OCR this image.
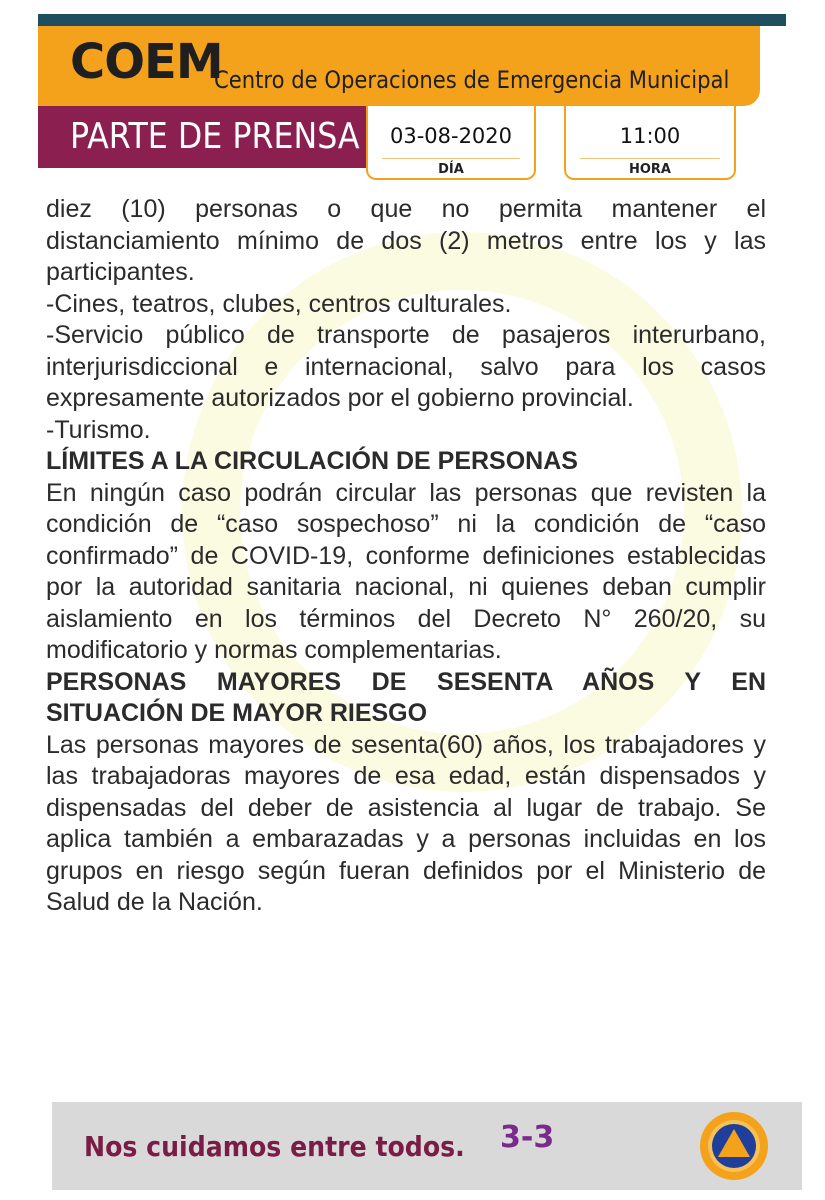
COEM
Centro de Operaciones de Emergencia Municipal
PARTE DE PRENSA	03-08-2020
DÍA
11:00
HORA

diez (10) personas o que no permita mantener el distanciamiento mínimo de dos (2) metros entre los y las participantes.

-Cines, teatros, clubes, centros culturales.

-Servicio público de transporte de pasajeros interurbano, interjurisdiccional e internacional, salvo para los casos expresamente autorizados por el gobierno provincial.

-Turismo.

LÍMITES A LA CIRCULACIÓN DE PERSONAS

En ningún caso podrán circular las personas que revisten la condición de “caso sospechoso” ni la condición de “caso confirmado” de COVID-19, conforme definiciones establecidas por la autoridad sanitaria nacional, ni quienes deban cumplir aislamiento en los términos del Decreto N° 260/20, su modificatorio y normas complementarias.

PERSONAS MAYORES DE SESENTA AÑOS Y EN SITUACIÓN DE MAYOR RIESGO

Las personas mayores de sesenta(60) años, los trabajadores y las trabajadoras mayores de esa edad, están dispensados y dispensadas del deber de asistencia al lugar de trabajo. Se aplica también a embarazadas y a personas incluidas en los grupos en riesgo según fueran definidos por el Ministerio de Salud de la Nación.

Nos cuidamos entre todos. 3-3
